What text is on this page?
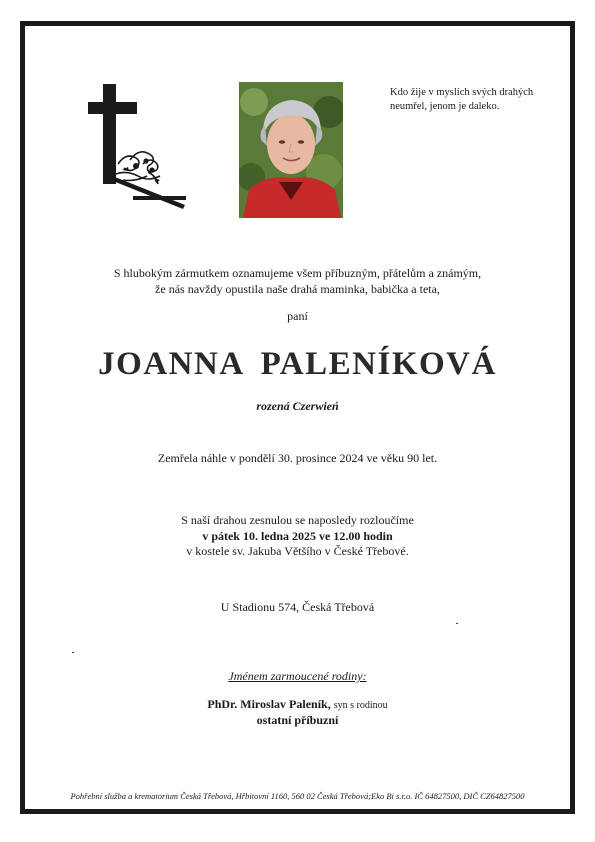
Kdo žije v myslích svých drahých
neumřel, jenom je daleko.
S hlubokým zármutkem oznamujeme všem příbuzným, přátelům a známým,
že nás navždy opustila naše drahá maminka, babička a teta,
paní
JOANNA PALENÍKOVÁ
rozená Czerwień
Zemřela náhle v pondělí 30. prosince 2024 ve věku 90 let.
S naší drahou zesnulou se naposledy rozloučíme
v pátek 10. ledna 2025 ve 12.00 hodin
v kostele sv. Jakuba Většího v České Třebové.
U Stadionu 574, Česká Třebová
Jménem zarmoucené rodiny:
PhDr. Miroslav Paleník, syn s rodinou
ostatní příbuzní
Pohřební služba a krematorium Česká Třebová, Hřbitovní 1160, 560 02 Česká Třebová;Eko Bi s.r.o. IČ 64827500, DIČ CZ64827500
